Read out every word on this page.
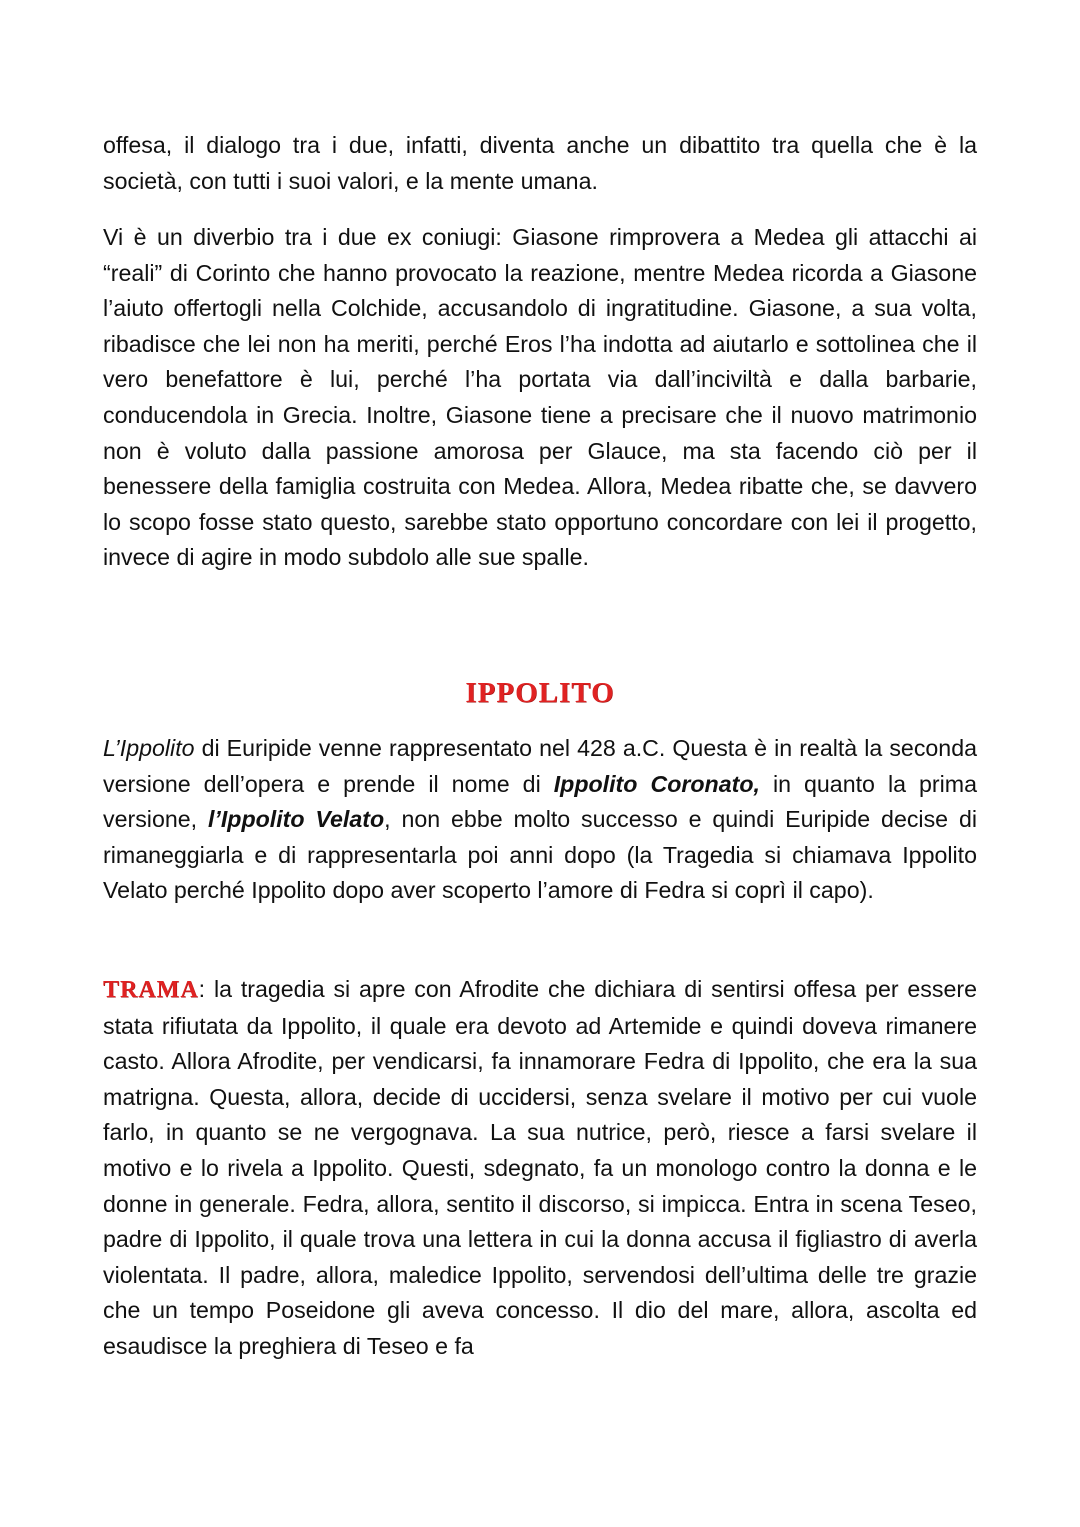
offesa, il dialogo tra i due, infatti, diventa anche un dibattito tra quella che è la società, con tutti i suoi valori, e la mente umana.

Vi è un diverbio tra i due ex coniugi: Giasone rimprovera a Medea gli attacchi ai “reali” di Corinto che hanno provocato la reazione, mentre Medea ricorda a Giasone l’aiuto offertogli nella Colchide, accusandolo di ingratitudine. Giasone, a sua volta, ribadisce che lei non ha meriti, perché Eros l’ha indotta ad aiutarlo e sottolinea che il vero benefattore è lui, perché l’ha portata via dall’inciviltà e dalla barbarie, conducendola in Grecia. Inoltre, Giasone tiene a precisare che il nuovo matrimonio non è voluto dalla passione amorosa per Glauce, ma sta facendo ciò per il benessere della famiglia costruita con Medea. Allora, Medea ribatte che, se davvero lo scopo fosse stato questo, sarebbe stato opportuno concordare con lei il progetto, invece di agire in modo subdolo alle sue spalle.

IPPOLITO

L’Ippolito di Euripide venne rappresentato nel 428 a.C. Questa è in realtà la seconda versione dell’opera e prende il nome di Ippolito Coronato, in quanto la prima versione, l’Ippolito Velato, non ebbe molto successo e quindi Euripide decise di rimaneggiarla e di rappresentarla poi anni dopo (la Tragedia si chiamava Ippolito Velato perché Ippolito dopo aver scoperto l’amore di Fedra si coprì il capo).

TRAMA: la tragedia si apre con Afrodite che dichiara di sentirsi offesa per essere stata rifiutata da Ippolito, il quale era devoto ad Artemide e quindi doveva rimanere casto. Allora Afrodite, per vendicarsi, fa innamorare Fedra di Ippolito, che era la sua matrigna. Questa, allora, decide di uccidersi, senza svelare il motivo per cui vuole farlo, in quanto se ne vergognava. La sua nutrice, però, riesce a farsi svelare il motivo e lo rivela a Ippolito. Questi, sdegnato, fa un monologo contro la donna e le donne in generale. Fedra, allora, sentito il discorso, si impicca. Entra in scena Teseo, padre di Ippolito, il quale trova una lettera in cui la donna accusa il figliastro di averla violentata. Il padre, allora, maledice Ippolito, servendosi dell’ultima delle tre grazie che un tempo Poseidone gli aveva concesso. Il dio del mare, allora, ascolta ed esaudisce la preghiera di Teseo e fa
